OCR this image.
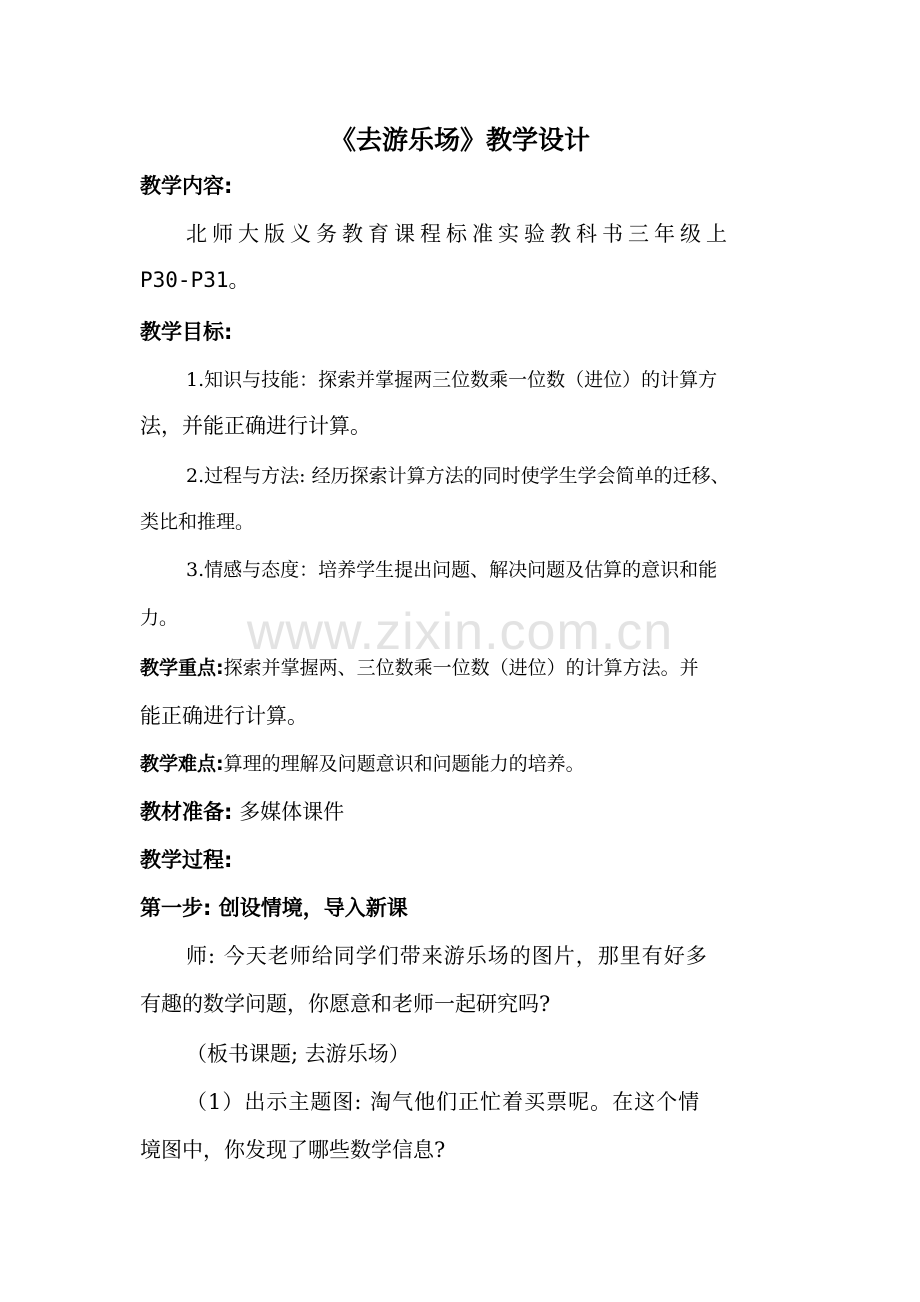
《去游乐场》教学设计
教学内容:
北师大版义务教育课程标准实验教科书三年级上
P30-P31。
教学目标:
1.知识与技能：探索并掌握两三位数乘一位数（进位）的计算方
法，并能正确进行计算。
2.过程与方法: 经历探索计算方法的同时使学生学会简单的迁移、
类比和推理。
3.情感与态度：培养学生提出问题、解决问题及估算的意识和能
力。
教学重点:探索并掌握两、三位数乘一位数（进位）的计算方法。并
能正确进行计算。
教学难点:算理的理解及问题意识和问题能力的培养。
教材准备: 多媒体课件
教学过程:
第一步: 创设情境，导入新课
师: 今天老师给同学们带来游乐场的图片，那里有好多
有趣的数学问题，你愿意和老师一起研究吗?
（板书课题; 去游乐场）
（1）出示主题图: 淘气他们正忙着买票呢。在这个情
境图中，你发现了哪些数学信息?
www.zixin.com.cn
